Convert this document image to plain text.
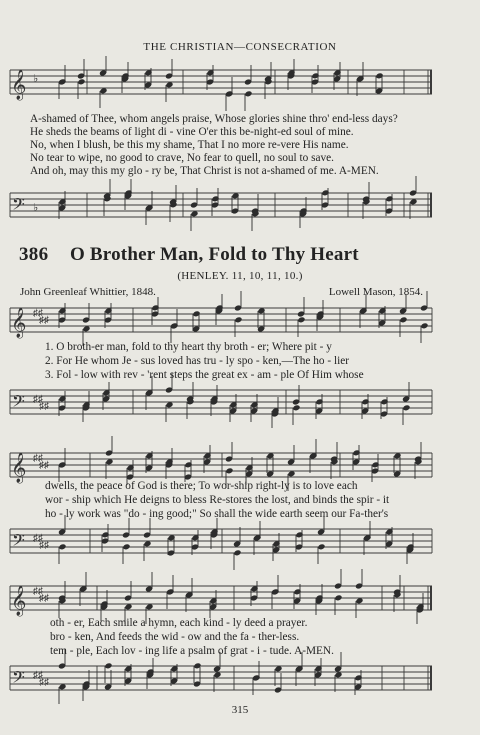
THE CHRISTIAN—CONSECRATION
𝄞 ♭
A-shamed of Thee, whom angels praise, Whose glories shine thro' end-less days?
He sheds the beams of light di - vine O'er this be-night-ed soul of mine.
No, when I blush, be this my shame, That I no more re-vere His name.
No tear to wipe, no good to crave, No fear to quell, no soul to save.
And oh, may this my glo - ry be, That Christ is not a-shamed of me. A-MEN.
𝄢 ♭
386 O Brother Man, Fold to Thy Heart
(HENLEY. 11, 10, 11, 10.)
John Greenleaf Whittier, 1848.	Lowell Mason, 1854.
𝄞 ♯♯
♯♯
1. O broth-er man, fold to thy heart thy broth - er; Where pit - y
2. For He whom Je - sus loved has tru - ly spo - ken,—The ho - lier
3. Fol - low with rev - 'rent steps the great ex - am - ple Of Him whose
𝄢 ♯♯
♯♯
𝄞 ♯♯
♯♯
dwells, the peace of God is there; To wor-ship right-ly is to love each
wor - ship which He deigns to bless Re-stores the lost, and binds the spir - it
ho - ly work was "do - ing good;" So shall the wide earth seem our Fa-ther's
𝄢 ♯♯
♯♯
𝄞 ♯♯
♯♯
oth - er, Each smile a hymn, each kind - ly deed a prayer.
bro - ken, And feeds the wid - ow and the fa - ther-less.
tem - ple, Each lov - ing life a psalm of grat - i - tude. A-MEN.
𝄢 ♯♯
♯♯
315
